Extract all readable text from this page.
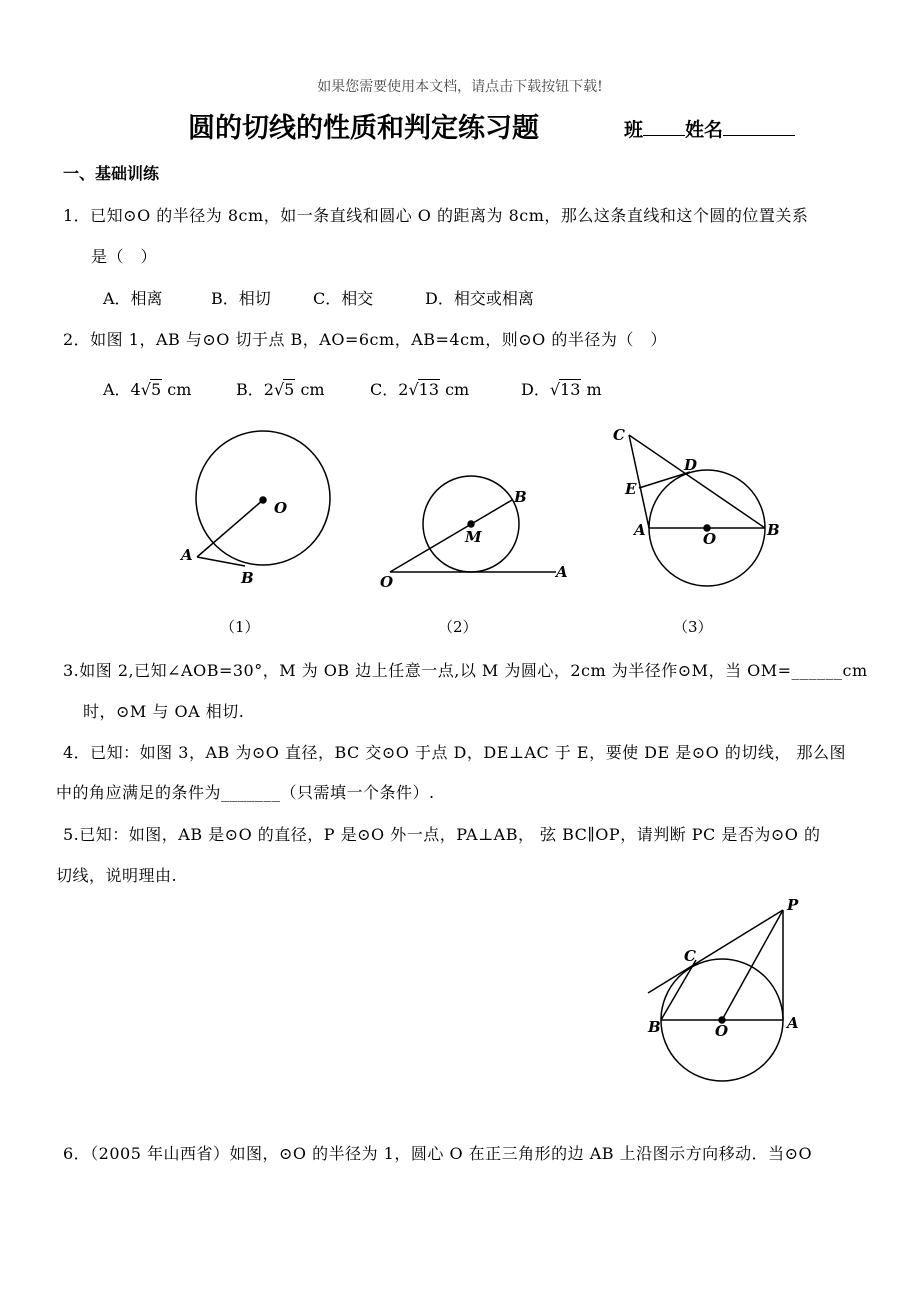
如果您需要使用本文档，请点击下载按钮下载!
圆的切线的性质和判定练习题	班 姓名
一、基础训练
1．已知⊙O 的半径为 8cm，如一条直线和圆心 O 的距离为 8cm，那么这条直线和这个圆的位置关系
是（　）
A．相离	B．相切	C．相交	D．相交或相离
2．如图 1，AB 与⊙O 切于点 B，AO=6cm，AB=4cm，则⊙O 的半径为（　）
A．4√5 cm	B．2√5 cm	C．2√13 cm	D．√13 m
O
A
B
B
M
O
A
C
D
E
A	O	B
（1）	（2）	（3）
3.如图 2,已知∠AOB=30°，M 为 OB 边上任意一点,以 M 为圆心，2cm 为半径作⊙M，当 OM=______cm
时，⊙M 与 OA 相切.
4．已知：如图 3，AB 为⊙O 直径，BC 交⊙O 于点 D，DE⊥AC 于 E，要使 DE 是⊙O 的切线， 那么图
中的角应满足的条件为_______（只需填一个条件）.
5.已知：如图，AB 是⊙O 的直径，P 是⊙O 外一点，PA⊥AB， 弦 BC∥OP，请判断 PC 是否为⊙O 的
切线，说明理由.
P
C
B	O	A
6．（2005 年山西省）如图，⊙O 的半径为 1，圆心 O 在正三角形的边 AB 上沿图示方向移动．当⊙O
